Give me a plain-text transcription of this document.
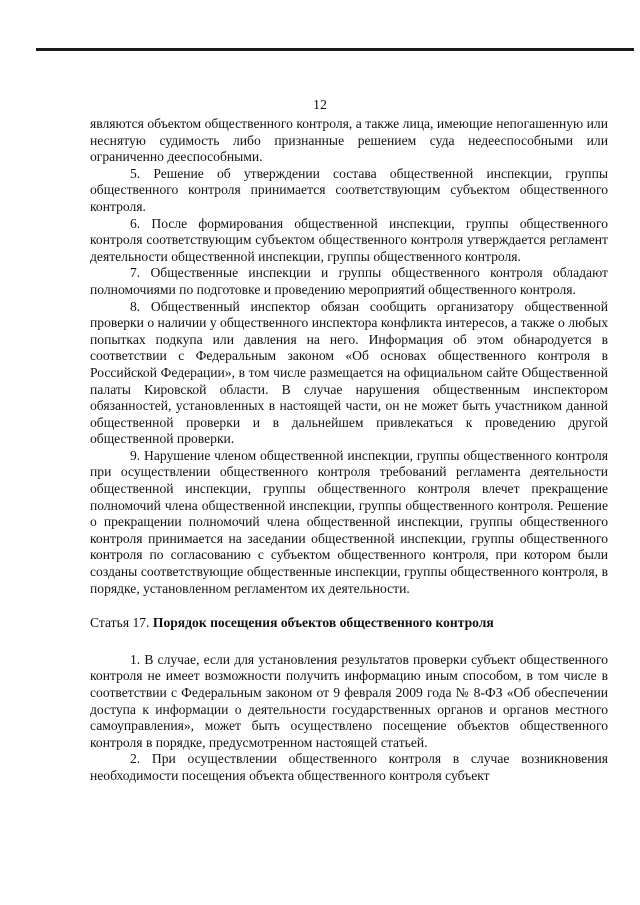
12

являются объектом общественного контроля, а также лица, имеющие непогашенную или неснятую судимость либо признанные решением суда недееспособными или ограниченно дееспособными.

5. Решение об утверждении состава общественной инспекции, группы общественного контроля принимается соответствующим субъектом общественного контроля.

6. После формирования общественной инспекции, группы общественного контроля соответствующим субъектом общественного контроля утверждается регламент деятельности общественной инспекции, группы общественного контроля.

7. Общественные инспекции и группы общественного контроля обладают полномочиями по подготовке и проведению мероприятий общественного контроля.

8. Общественный инспектор обязан сообщить организатору общественной проверки о наличии у общественного инспектора конфликта интересов, а также о любых попытках подкупа или давления на него. Информация об этом обнародуется в соответствии с Федеральным законом «Об основах общественного контроля в Российской Федерации», в том числе размещается на официальном сайте Общественной палаты Кировской области. В случае нарушения общественным инспектором обязанностей, установленных в настоящей части, он не может быть участником данной общественной проверки и в дальнейшем привлекаться к проведению другой общественной проверки.

9. Нарушение членом общественной инспекции, группы общественного контроля при осуществлении общественного контроля требований регламента деятельности общественной инспекции, группы общественного контроля влечет прекращение полномочий члена общественной инспекции, группы общественного контроля. Решение о прекращении полномочий члена общественной инспекции, группы общественного контроля принимается на заседании общественной инспекции, группы общественного контроля по согласованию с субъектом общественного контроля, при котором были созданы соответствующие общественные инспекции, группы общественного контроля, в порядке, установленном регламентом их деятельности.

Статья 17. Порядок посещения объектов общественного контроля

1. В случае, если для установления результатов проверки субъект общественного контроля не имеет возможности получить информацию иным способом, в том числе в соответствии с Федеральным законом от 9 февраля 2009 года № 8-ФЗ «Об обеспечении доступа к информации о деятельности государственных органов и органов местного самоуправления», может быть осуществлено посещение объектов общественного контроля в порядке, предусмотренном настоящей статьей.

2. При осуществлении общественного контроля в случае возникновения необходимости посещения объекта общественного контроля субъект
